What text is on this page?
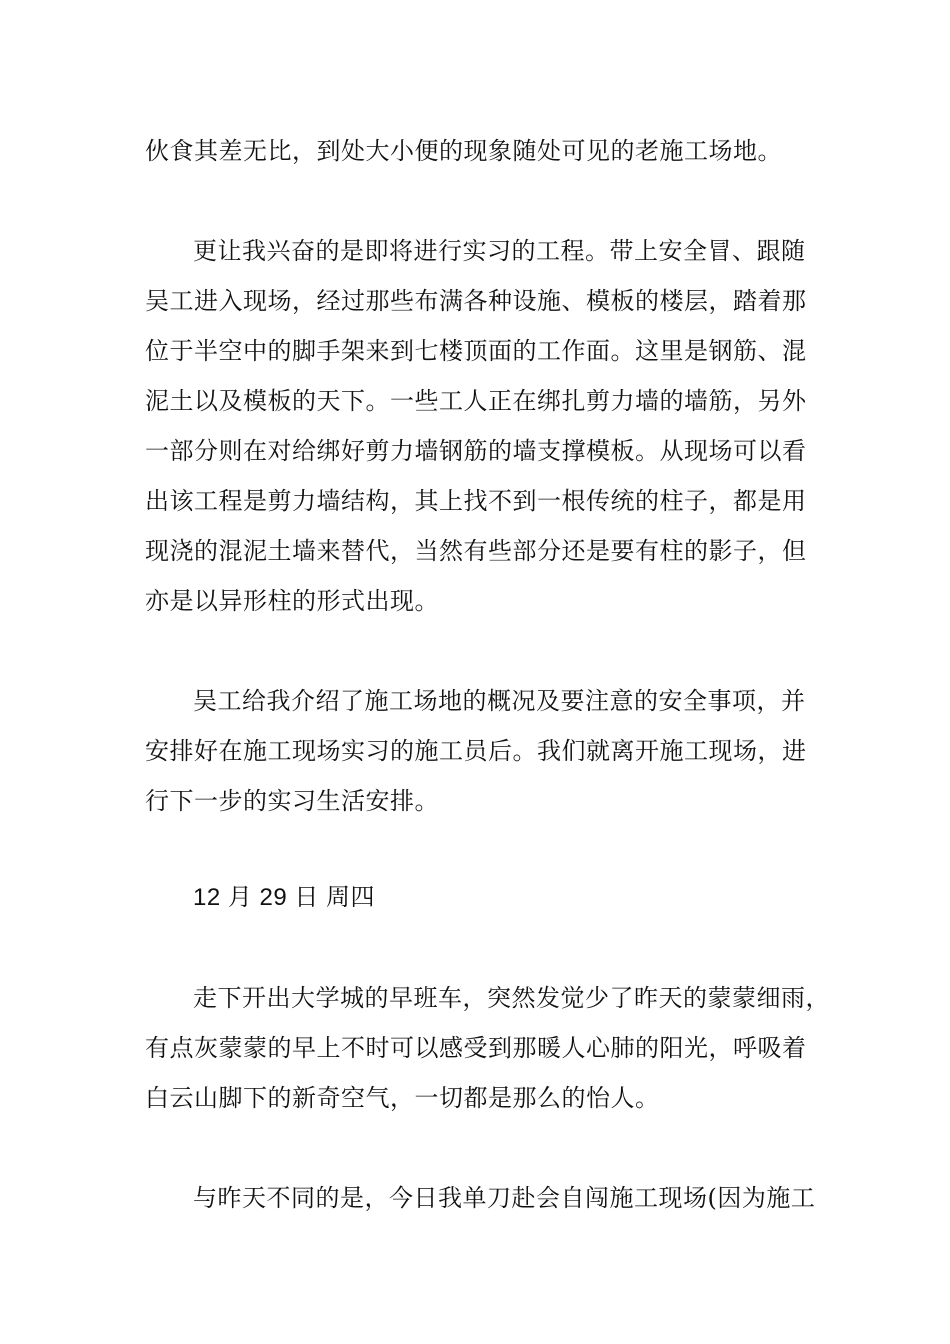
伙食其差无比，到处大小便的现象随处可见的老施工场地。
更让我兴奋的是即将进行实习的工程。带上安全冒、跟随
吴工进入现场，经过那些布满各种设施、模板的楼层，踏着那
位于半空中的脚手架来到七楼顶面的工作面。这里是钢筋、混
泥土以及模板的天下。一些工人正在绑扎剪力墙的墙筋，另外
一部分则在对给绑好剪力墙钢筋的墙支撑模板。从现场可以看
出该工程是剪力墙结构，其上找不到一根传统的柱子，都是用
现浇的混泥土墙来替代，当然有些部分还是要有柱的影子，但
亦是以异形柱的形式出现。
吴工给我介绍了施工场地的概况及要注意的安全事项，并
安排好在施工现场实习的施工员后。我们就离开施工现场，进
行下一步的实习生活安排。
12 月 29 日 周四
走下开出大学城的早班车，突然发觉少了昨天的蒙蒙细雨，
有点灰蒙蒙的早上不时可以感受到那暖人心肺的阳光，呼吸着
白云山脚下的新奇空气，一切都是那么的怡人。
与昨天不同的是，今日我单刀赴会自闯施工现场(因为施工
